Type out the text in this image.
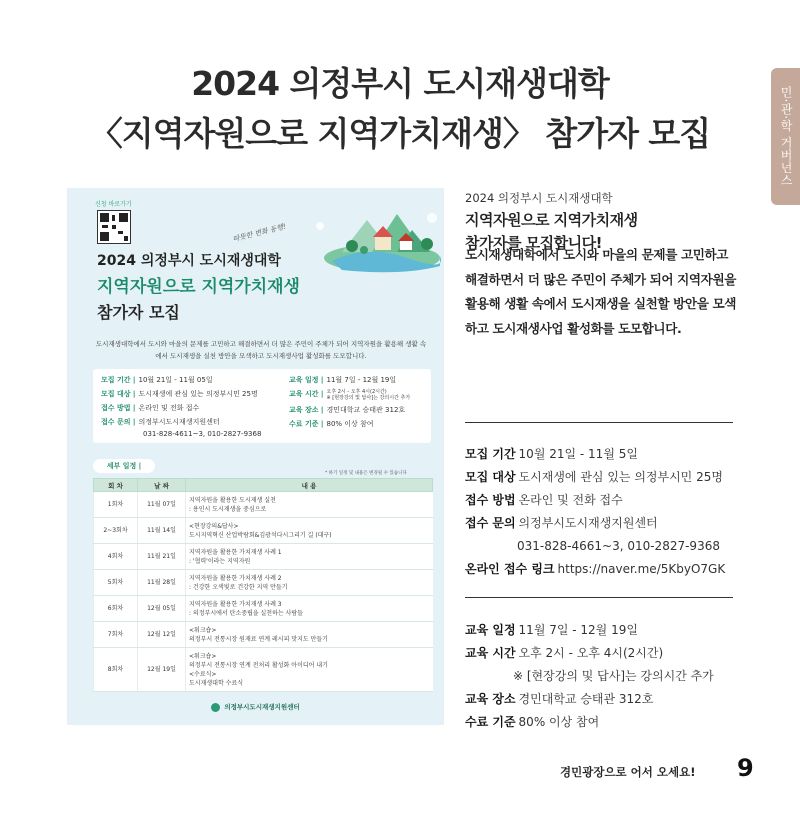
2024 의정부시 도시재생대학
〈지역자원으로 지역가치재생〉 참가자 모집	민·관·학 거버넌스
신청 바로가기
따뜻한 변화 동행!
2024 의정부시 도시재생대학
지역자원으로 지역가치재생
참가자 모집
도시재생대학에서 도시와 마을의 문제를 고민하고 해결하면서 더 많은 주민이 주체가 되어 지역자원을 활용해 생활 속에서 도시재생을 실천 방안을 모색하고 도시재생사업 활성화를 도모합니다.
모집 기간 | 10월 21일 - 11월 05일
모집 대상 | 도시재생에 관심 있는 의정부시민 25명
접수 방법 | 온라인 및 전화 접수
접수 문의 | 의정부시도시재생지원센터
031-828-4611~3, 010-2827-9368
교육 일정 | 11월 7일 - 12월 19일
교육 시간 | 오후 2시 - 오후 4시(2시간)
※ [현장강의 및 답사]는 강의시간 추가
교육 장소 | 경민대학교 승태관 312호
수료 기준 | 80% 이상 참여
세부 일정 |
* 하기 일정 및 내용은 변경될 수 있습니다
회 차	날 짜	내 용
1회차	11월 07일	지역자원을 활용한 도시재생 실천
: 용인시 도시재생을 중심으로
2~3회차	11월 14일	<현장강의&답사>
도시지역혁신 산업박람회&김광석다시그리기 길 (대구)
4회차	11월 21일	지역자원을 활용한 가치재생 사례 1
: '협력'이라는 지역자원
5회차	11월 28일	지역자원을 활용한 가치재생 사례 2
: 건강한 오색빛로 건강한 지역 만들기
6회차	12월 05일	지역자원을 활용한 가치재생 사례 3
: 의정부시에서 탄소중립을 실천하는 사람들
7회차	12월 12일	<워크숍>
의정부시 전통시장 원재료 연계 레시피 맛지도 만들기
8회차	12월 19일	<워크숍>
의정부시 전통시장 연계 전처리 활성화 아이디어 내기
<수료식>
도시재생대학 수료식
의정부시도시재생지원센터
2024 의정부시 도시재생대학
지역자원으로 지역가치재생
참가자를 모집합니다!
도시재생대학에서 도시와 마을의 문제를 고민하고 해결하면서 더 많은 주민이 주체가 되어 지역자원을 활용해 생활 속에서 도시재생을 실천할 방안을 모색하고 도시재생사업 활성화를 도모합니다.
모집 기간 10월 21일 - 11월 5일
모집 대상 도시재생에 관심 있는 의정부시민 25명
접수 방법 온라인 및 전화 접수
접수 문의 의정부시도시재생지원센터
031-828-4661~3, 010-2827-9368
온라인 접수 링크 https://naver.me/5KbyO7GK
교육 일정 11월 7일 - 12월 19일
교육 시간 오후 2시 - 오후 4시(2시간)
※ [현장강의 및 답사]는 강의시간 추가
교육 장소 경민대학교 승태관 312호
수료 기준 80% 이상 참여
경민광장으로 어서 오세요! 9
